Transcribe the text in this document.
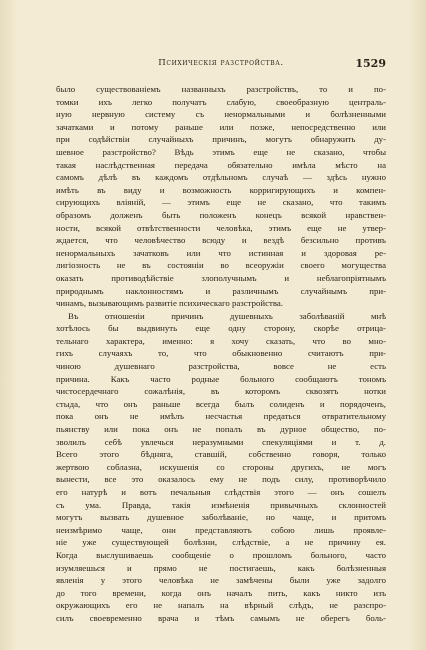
Психическія разстройства.	1529
было существованіемъ названныхъ разстройствъ, то и по-
томки ихъ легко получатъ слабую, своеобразную централь-
ную нервную систему съ ненормальными и болѣзненными
зачатками и потому раньше или позже, непосредственно или
при содѣйствіи случайныхъ причинъ, могутъ обнаружить ду-
шевное разстройство? Вѣдь этимъ еще не сказано, чтобы
такая наслѣдственная передача обязательно имѣла мѣсто на
самомъ дѣлѣ въ каждомъ отдѣльномъ случаѣ — здѣсь нужно
имѣть въ виду и возможность корригирующихъ и компен-
сирующихъ вліяній, — этимъ еще не сказано, что такимъ
образомъ долженъ быть положенъ конецъ всякой нравствен-
ности, всякой отвѣтственности человѣка, этимъ еще не утвер-
ждается, что человѣчество всюду и вездѣ безсильно противъ
ненормальныхъ зачатковъ или что истинная и здоровая ре-
лигіозность не въ состояніи во всеоружіи своего могущества
оказать противодѣйствіе злополучнымъ и неблагопріятнымъ
природнымъ наклонностямъ и различнымъ случайнымъ при-
чинамъ, вызывающимъ развитіе психическаго разстройства.
Въ отношеніи причинъ душевныхъ заболѣваній мнѣ
хотѣлось бы выдвинуть еще одну сторону, скорѣе отрица-
тельнаго характера, именно: я хочу сказать, что во мно-
гихъ случаяхъ то, что обыкновенно считаютъ при-
чиною душевнаго разстройства, вовсе не есть
причина. Какъ часто родные больного сообщаютъ тономъ
чистосердечнаго сожалѣнія, въ которомъ сквозятъ нотки
стыда, что онъ раньше всегда былъ солиденъ и порядоченъ,
пока онъ не имѣлъ несчастья предаться отвратительному
пьянству или пока онъ не попалъ въ дурное общество, по-
зволилъ себѣ увлечься неразумными спекуляціями и т. д.
Всего этого бѣдняга, ставшій, собственно говоря, только
жертвою соблазна, искушенія со стороны другихъ, не могъ
вынести, все это оказалось ему не подъ силу, противорѣчило
его натурѣ и вотъ печальныя слѣдствія этого — онъ сошелъ
съ ума. Правда, такія измѣненія привычныхъ склонностей
могутъ вызвать душевное заболѣваніе, но чаще, и притомъ
неизмѣримо чаще, они представляютъ собою лишь проявле-
ніе уже существующей болѣзни, слѣдствіе, а не причину ея.
Когда выслушиваешь сообщеніе о прошломъ больного, часто
изумляешься и прямо не постигаешь, какъ болѣзненныя
явленія у этого человѣка не замѣчены были уже задолго
до того времени, когда онъ началъ пить, какъ никто изъ
окружающихъ его не напалъ на вѣрный слѣдъ, не разспро-
силъ своевременно врача и тѣмъ самымъ не оберегъ боль-
